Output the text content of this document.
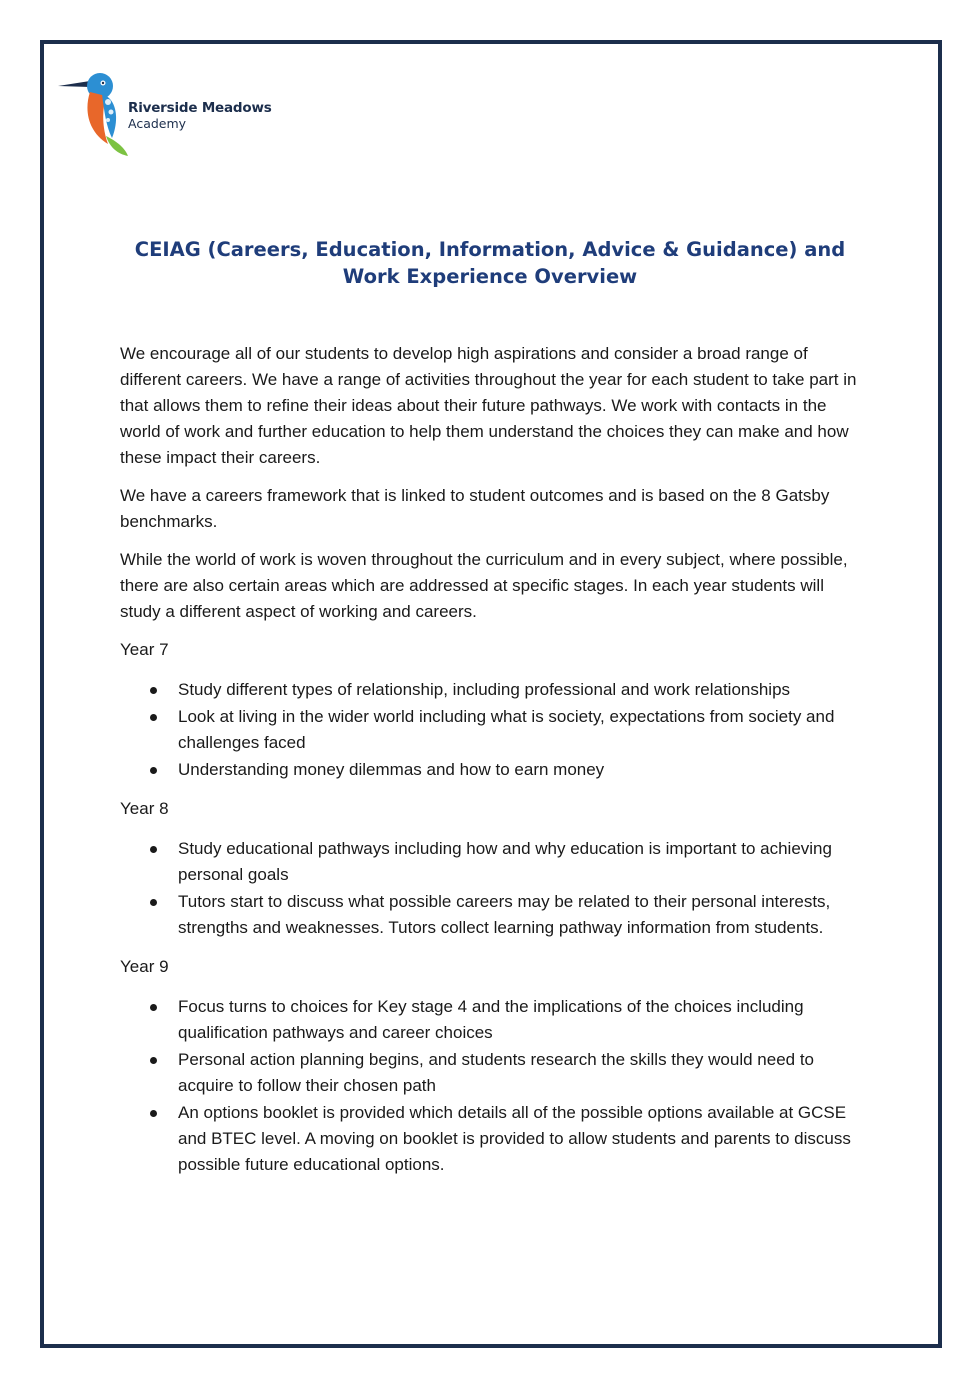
Riverside Meadows
Academy
CEIAG (Careers, Education, Information, Advice & Guidance) and Work Experience Overview

We encourage all of our students to develop high aspirations and consider a broad range of different careers. We have a range of activities throughout the year for each student to take part in that allows them to refine their ideas about their future pathways. We work with contacts in the world of work and further education to help them understand the choices they can make and how these impact their careers.

We have a careers framework that is linked to student outcomes and is based on the 8 Gatsby benchmarks.

While the world of work is woven throughout the curriculum and in every subject, where possible, there are also certain areas which are addressed at specific stages. In each year students will study a different aspect of working and careers.

Year 7

Study different types of relationship, including professional and work relationships
Look at living in the wider world including what is society, expectations from society and challenges faced
Understanding money dilemmas and how to earn money

Year 8

Study educational pathways including how and why education is important to achieving personal goals
Tutors start to discuss what possible careers may be related to their personal interests, strengths and weaknesses. Tutors collect learning pathway information from students.

Year 9

Focus turns to choices for Key stage 4 and the implications of the choices including qualification pathways and career choices
Personal action planning begins, and students research the skills they would need to acquire to follow their chosen path
An options booklet is provided which details all of the possible options available at GCSE and BTEC level. A moving on booklet is provided to allow students and parents to discuss possible future educational options.
